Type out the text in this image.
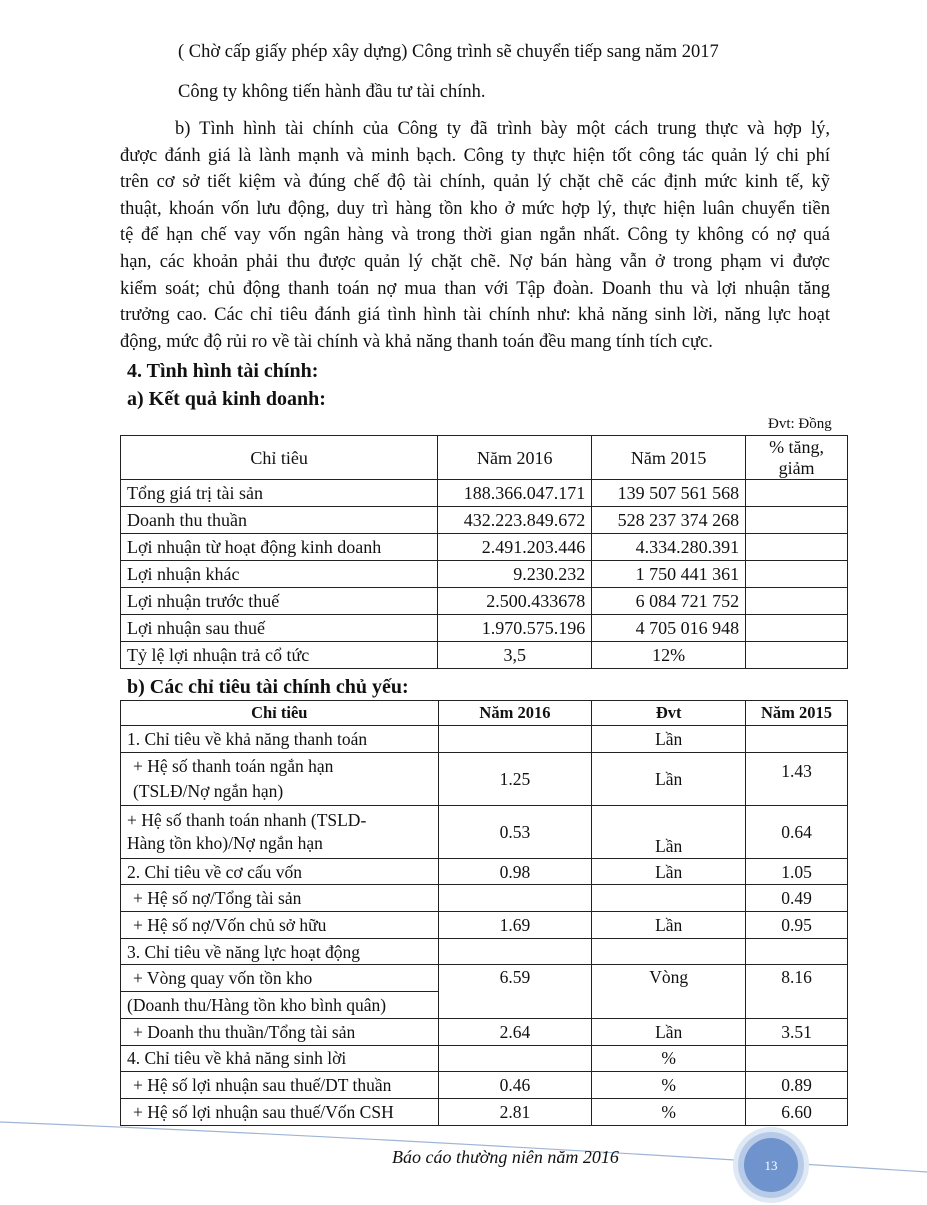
( Chờ cấp giấy phép xây dựng) Công trình sẽ chuyển tiếp sang năm 2017
Công ty không tiến hành đầu tư tài chính.
b) Tình hình tài chính của Công ty đã trình bày một cách trung thực và hợp lý,
được đánh giá là lành mạnh và minh bạch. Công ty thực hiện tốt công tác quản lý chi phí
trên cơ sở tiết kiệm và đúng chế độ tài chính, quản lý chặt chẽ các định mức kinh tế, kỹ
thuật, khoán vốn lưu động, duy trì hàng tồn kho ở mức hợp lý, thực hiện luân chuyển tiền
tệ để hạn chế vay vốn ngân hàng và trong thời gian ngắn nhất. Công ty không có nợ quá
hạn, các khoản phải thu được quản lý chặt chẽ. Nợ bán hàng vẫn ở trong phạm vi được
kiểm soát; chủ động thanh toán nợ mua than với Tập đoàn. Doanh thu và lợi nhuận tăng
trưởng cao. Các chỉ tiêu đánh giá tình hình tài chính như: khả năng sinh lời, năng lực hoạt
động, mức độ rủi ro về tài chính và khả năng thanh toán đều mang tính tích cực.
4. Tình hình tài chính:
a) Kết quả kinh doanh:
Đvt: Đồng
Chỉ tiêu	Năm 2016	Năm 2015	% tăng, giảm
Tổng giá trị tài sản	188.366.047.171	139 507 561 568	
Doanh thu thuần	432.223.849.672	528 237 374 268	
Lợi nhuận từ hoạt động kinh doanh	2.491.203.446	4.334.280.391	
Lợi nhuận khác	9.230.232	1 750 441 361	
Lợi nhuận trước thuế	2.500.433678	6 084 721 752	
Lợi nhuận sau thuế	1.970.575.196	4 705 016 948	
Tỷ lệ lợi nhuận trả cổ tức	3,5	12%	
b) Các chỉ tiêu tài chính chủ yếu:
Chỉ tiêu	Năm 2016	Đvt	Năm 2015
1. Chỉ tiêu về khả năng thanh toán		Lần	
+ Hệ số thanh toán ngắn hạn
(TSLĐ/Nợ ngắn hạn)	1.25	Lần	1.43
+ Hệ số thanh toán nhanh (TSLD-
Hàng tồn kho)/Nợ ngắn hạn	0.53	Lần	0.64
2. Chỉ tiêu về cơ cấu vốn	0.98	Lần	1.05
+ Hệ số nợ/Tổng tài sản			0.49
+ Hệ số nợ/Vốn chủ sở hữu	1.69	Lần	0.95
3. Chỉ tiêu về năng lực hoạt động			
+ Vòng quay vốn tồn kho	6.59	Vòng	8.16
(Doanh thu/Hàng tồn kho bình quân)			
+ Doanh thu thuần/Tổng tài sản	2.64	Lần	3.51
4. Chỉ tiêu về khả năng sinh lời		%	
+ Hệ số lợi nhuận sau thuế/DT thuần	0.46	%	0.89
+ Hệ số lợi nhuận sau thuế/Vốn CSH	2.81	%	6.60
Báo cáo thường niên năm 2016	13
